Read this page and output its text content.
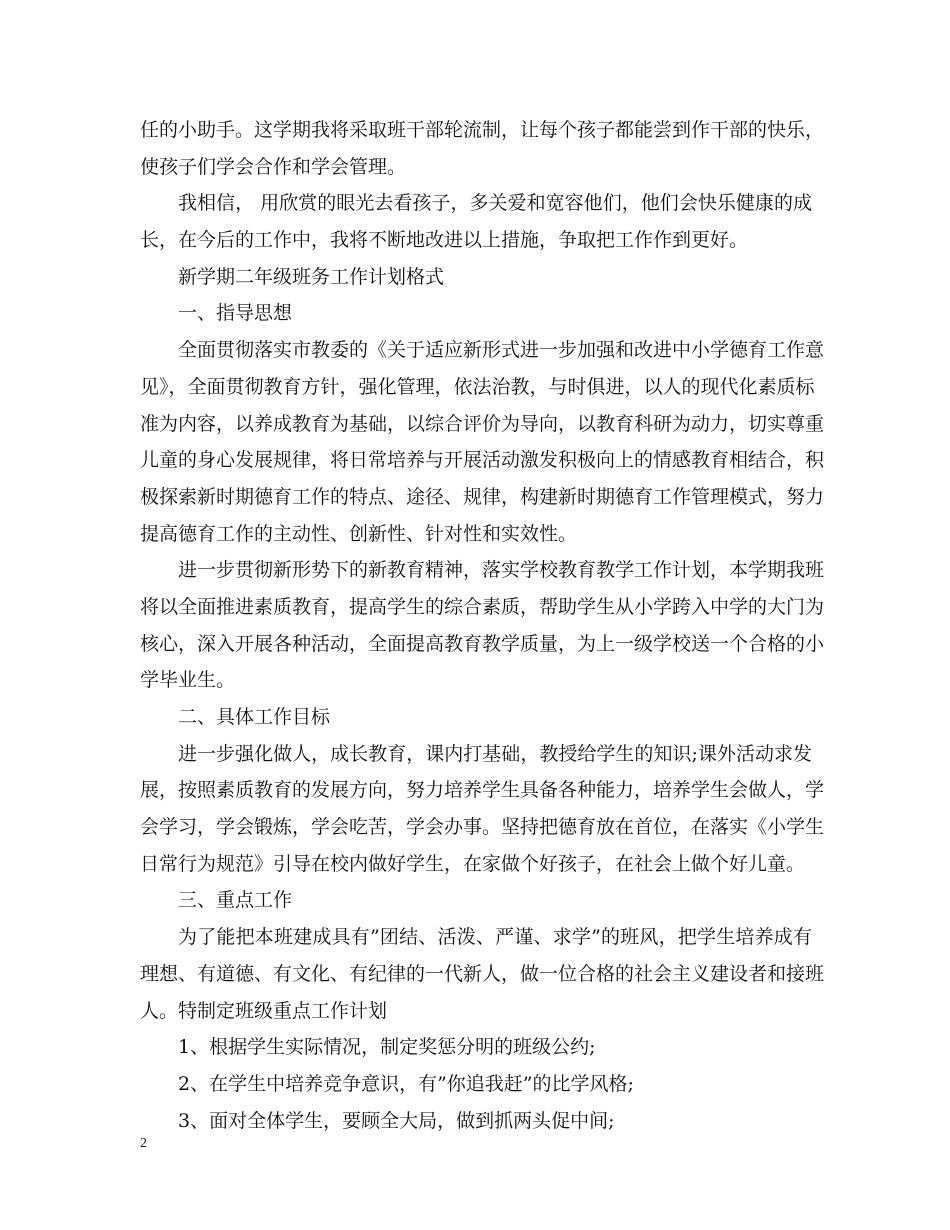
任的小助手。这学期我将采取班干部轮流制，让每个孩子都能尝到作干部的快乐，
使孩子们学会合作和学会管理。
我相信， 用欣赏的眼光去看孩子，多关爱和宽容他们，他们会快乐健康的成
长，在今后的工作中，我将不断地改进以上措施，争取把工作作到更好。
新学期二年级班务工作计划格式
一、指导思想
全面贯彻落实市教委的《关于适应新形式进一步加强和改进中小学德育工作意
见》，全面贯彻教育方针，强化管理，依法治教，与时俱进，以人的现代化素质标
准为内容，以养成教育为基础，以综合评价为导向，以教育科研为动力，切实尊重
儿童的身心发展规律，将日常培养与开展活动激发积极向上的情感教育相结合，积
极探索新时期德育工作的特点、途径、规律，构建新时期德育工作管理模式，努力
提高德育工作的主动性、创新性、针对性和实效性。
进一步贯彻新形势下的新教育精神，落实学校教育教学工作计划，本学期我班
将以全面推进素质教育，提高学生的综合素质，帮助学生从小学跨入中学的大门为
核心，深入开展各种活动，全面提高教育教学质量，为上一级学校送一个合格的小
学毕业生。
二、具体工作目标
进一步强化做人，成长教育，课内打基础，教授给学生的知识;课外活动求发
展，按照素质教育的发展方向，努力培养学生具备各种能力，培养学生会做人，学
会学习，学会锻炼，学会吃苦，学会办事。坚持把德育放在首位，在落实《小学生
日常行为规范》引导在校内做好学生，在家做个好孩子，在社会上做个好儿童。
三、重点工作
为了能把本班建成具有”团结、活泼、严谨、求学”的班风，把学生培养成有
理想、有道德、有文化、有纪律的一代新人，做一位合格的社会主义建设者和接班
人。特制定班级重点工作计划
1、根据学生实际情况，制定奖惩分明的班级公约;
2、在学生中培养竞争意识，有”你追我赶”的比学风格;
3、面对全体学生，要顾全大局，做到抓两头促中间;
2
